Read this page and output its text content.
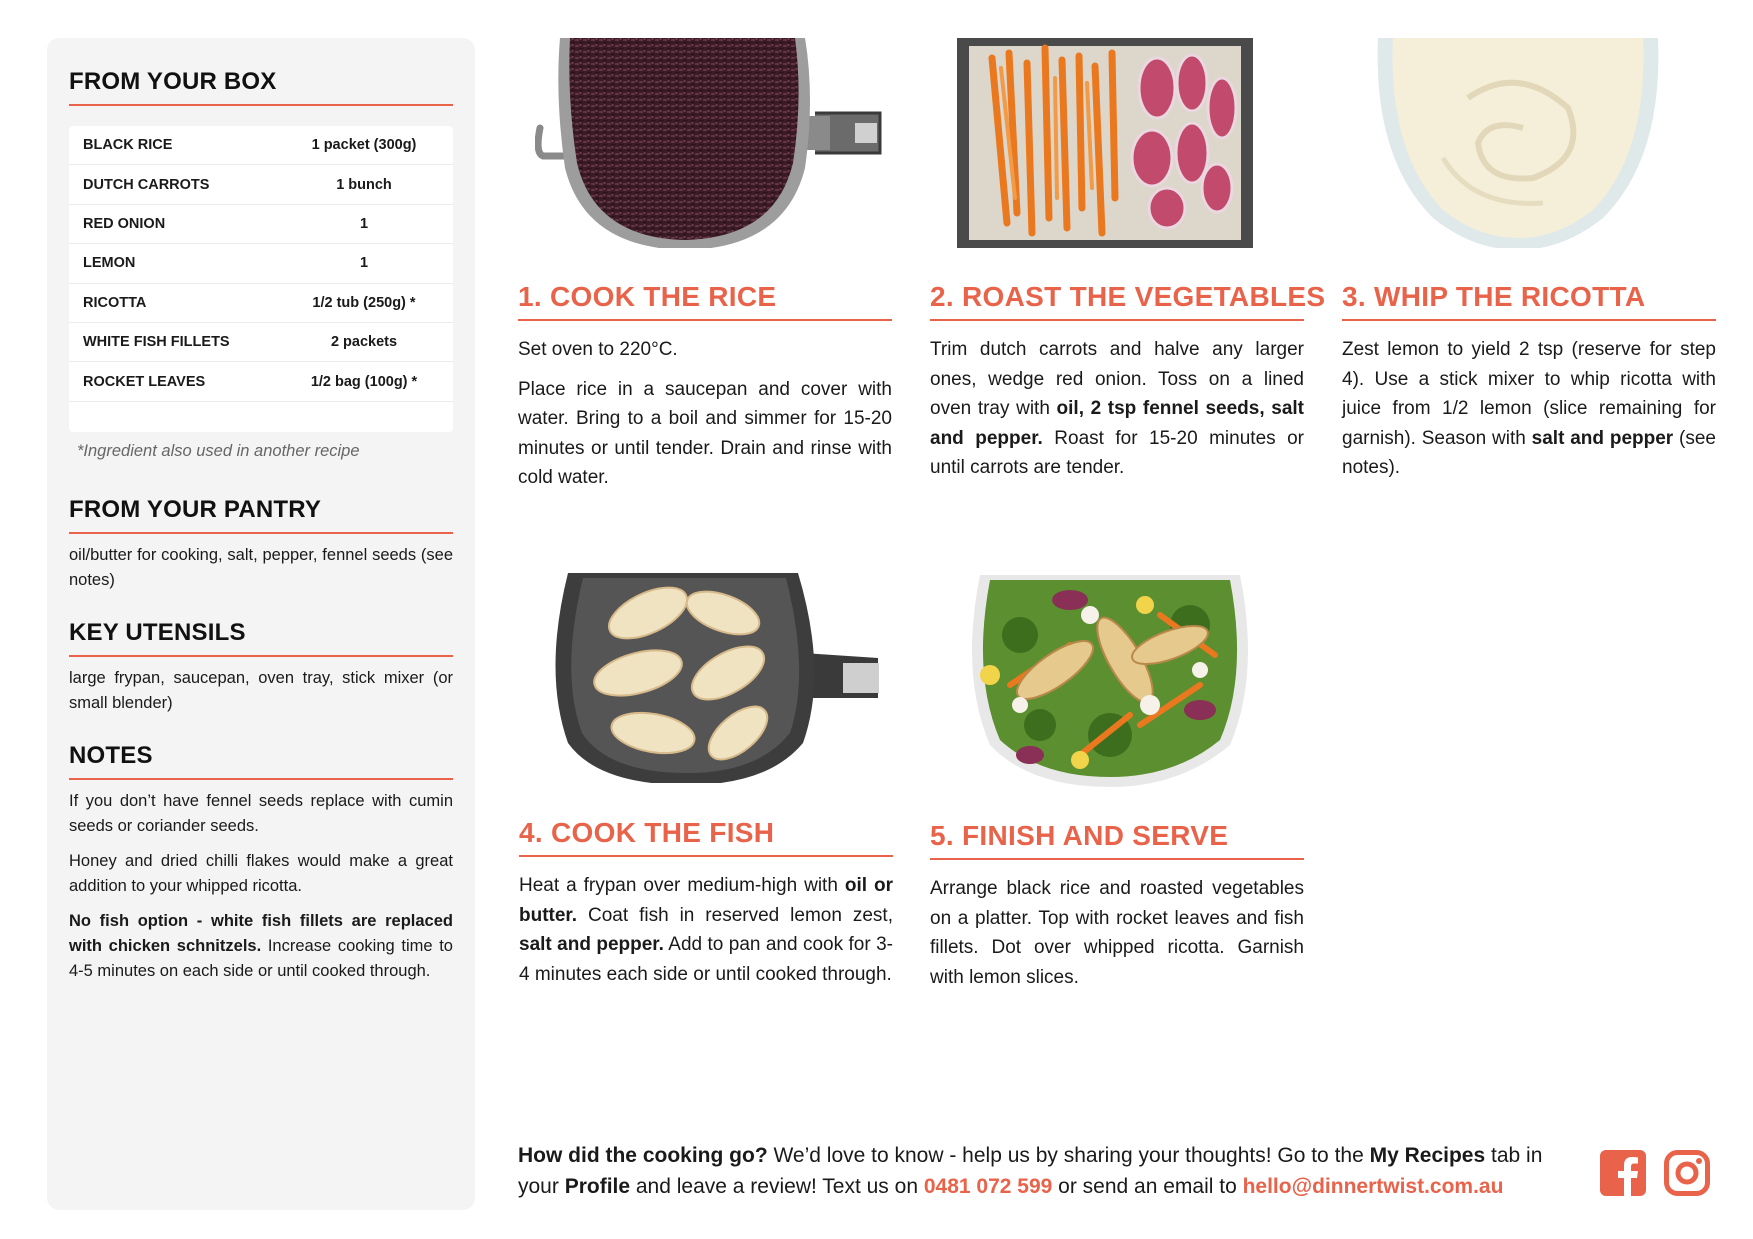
FROM YOUR BOX
BLACK RICE	1 packet (300g)
DUTCH CARROTS	1 bunch
RED ONION	1
LEMON	1
RICOTTA	1/2 tub (250g) *
WHITE FISH FILLETS	2 packets
ROCKET LEAVES	1/2 bag (100g) *
*Ingredient also used in another recipe
FROM YOUR PANTRY
oil/butter for cooking, salt, pepper, fennel seeds (see notes)
KEY UTENSILS
large frypan, saucepan, oven tray, stick mixer (or small blender)
NOTES

If you don’t have fennel seeds replace with cumin seeds or coriander seeds.

Honey and dried chilli flakes would make a great addition to your whipped ricotta.

No fish option - white fish fillets are replaced with chicken schnitzels. Increase cooking time to 4-5 minutes on each side or until cooked through.

1. COOK THE RICE

Set oven to 220°C.

Place rice in a saucepan and cover with water. Bring to a boil and simmer for 15-20 minutes or until tender. Drain and rinse with cold water.

2. ROAST THE VEGETABLES

Trim dutch carrots and halve any larger ones, wedge red onion. Toss on a lined oven tray with oil, 2 tsp fennel seeds, salt and pepper. Roast for 15-20 minutes or until carrots are tender.

3. WHIP THE RICOTTA

Zest lemon to yield 2 tsp (reserve for step 4). Use a stick mixer to whip ricotta with juice from 1/2 lemon (slice remaining for garnish). Season with salt and pepper (see notes).

4. COOK THE FISH

Heat a frypan over medium-high with oil or butter. Coat fish in reserved lemon zest, salt and pepper. Add to pan and cook for 3-4 minutes each side or until cooked through.

5. FINISH AND SERVE

Arrange black rice and roasted vegetables on a platter. Top with rocket leaves and fish fillets. Dot over whipped ricotta. Garnish with lemon slices.

How did the cooking go? We’d love to know - help us by sharing your thoughts! Go to the My Recipes tab in your Profile and leave a review! Text us on 0481 072 599 or send an email to hello@dinnertwist.com.au
